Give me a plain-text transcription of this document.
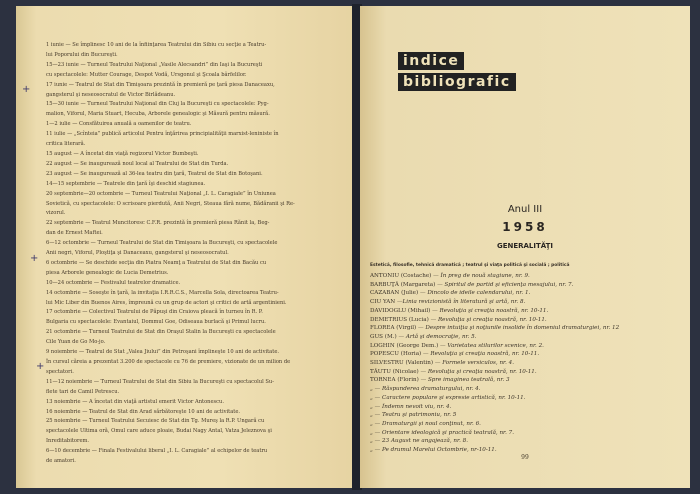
1 iunie — Se împlinesc 10 ani de la înfiinţarea Teatrului din Sibiu cu secţie a Teatru-

lui Poporului din Bucureşti.

15—23 iunie — Turneul Teatrului Naţional „Vasile Alecsandri” din Iaşi la Bucureşti

cu spectacolele: Mutter Courage, Despot Vodă, Ursgonul şi Şcoala bârfelilor.

17 iunie — Teatrul de Stat din Timişoara prezintă în premieră pe ţară piesa Danaceaxu,

gangsterul şi neseosocratul de Victor Birlădeanu.

15—30 iunie — Turneul Teatrului Naţional din Cluj la Bucureşti cu spectacolele: Pyg-

malion, Viforul, Maria Stuart, Hecuba, Arborele genealogic şi Măsură pentru măsură.

1—2 iulie — Consfătuirea anuală a oamenilor de teatru.

11 iulie — „Scînteia” publică articolul Pentru înţărirea principialităţii marxist-leniniste în

critica literară.

15 august — A încetat din viaţă regizorul Victor Bumbeşti.

22 august — Se inaugurează noul local al Teatrului de Stat din Turda.

23 august — Se inaugurează al 36-lea teatru din ţară, Teatrul de Stat din Botoşani.

14—15 septembrie — Teatrele din ţară îşi deschid stagiunea.

20 septembrie—20 octombrie — Turneul Teatrului Naţional „I. L. Caragiale” în Uniunea

Sovietică, cu spectacolele: O scrisoare pierdută, Anii Negri, Steaua fără nume, Bădăranii şi Re-

vizorul.

22 septembrie — Teatrul Muncitoresc C.F.R. prezintă în premieră piesa Rănit la, Beg-

dan de Ernest Maftei.

6—12 octombrie — Turneul Teatrului de Stat din Timişoara la Bucureşti, cu spectacolele

Anii negri, Viforul, Ploştiţa şi Danaceaxu, gangsterul şi neseosocratul.

6 octombrie — Se deschide secţia din Piatra Neamţ a Teatrului de Stat din Bacău cu

piesa Arborele genealogic de Lucia Demetrius.

10—24 octombrie — Festivalul teatrelor dramatice.

14 octombrie — Soseşte în ţară, la invitaţia I.R.R.C.S., Marcella Sola, directoarea Teatru-

lui Mic Liber din Buenos Aires, împreună cu un grup de actori şi critici de artă argentinieni.

17 octombrie — Colectivul Teatrului de Păpuşi din Craiova pleacă în turneu în R. P.

Bulgaria cu spectacolele: Evantaiul, Dommul Goe, Odiseaua burlacă şi Primul lucru.

21 octombrie — Turneul Teatrului de Stat din Oraşul Stalin la Bucureşti cu spectacolele

Cile Yuan de Go Mo-jo.

9 noiembrie — Teatrul de Stat „Valea Jiului” din Petroşani împlineşte 10 ani de activitate.

În cursul căreia a prezentat 3.200 de spectacole cu 76 de premiere, vizionate de un milion de

spectatori.

11—12 noiembrie — Turneul Teatrului de Stat din Sibiu la Bucureşti cu spectacolul Su-

flete tari de Camil Petrescu.

13 noiembrie — A încetat din viaţă artistul emerit Victor Antonescu.

16 noiembrie — Teatrul de Stat din Arad sărbătoreşte 10 ani de activitate.

25 noiembrie — Turneul Teatrului Secuiesc de Stat din Tg. Mureş la R.P. Ungară cu

spectacolele Ultima oră, Omul care aduce ploaie, Budai Nagy Antal, Vatza Jeleznova şi

Inreditabitorem.

6—10 decembrie — Finala Festivalului liberal „I. L. Caragiale” al echipelor de teatru

de amatori.

+
+
+
indice
bibliografic
Anul III
1958
GENERALITĂŢI
Estetică, filosofie, tehnică dramatică ; teatrul şi viaţa politică şi socială ; politică
ANTONIU (Costache) — În preg de nouă stagiune, nr. 9.
BARBUŢĂ (Margareta) — Spiritul de partid şi eficienţa mesajului, nr. 7.
CAZABAN (Julie) — Dincolo de ideile calendarului, nr. 1.
CIU YAN —Linia revizionistă în literatură şi artă, nr. 8.
DAVIDOGLU (Mihail) — Revoluţia şi creaţia noastră, nr. 10-11.
DEMETRIUS (Lucia) — Revoluţia şi creaţia noastră, nr. 10-11.
FLOREA (Virgil) — Despre intuiţia şi noţiunile insolide în domeniul dramaturgiei, nr. 12
GUS (M.) — Artă şi democraţie, nr. 5.
LOGHIN (George Dem.) — Varietatea stilurilor scenice, nr. 2.
POPESCU (Horia) — Revoluţia şi creaţia noastră, nr. 10-11.
SILVESTRU (Valentin) — Formele versiculos, nr. 4.
TĂUTU (Nicolae) — Revoluţia şi creaţia noastră, nr. 10-11.
TORNEA (Florin) — Spre imaginea teatrală, nr. 3
„ — Răspunderea dramaturgului, nr. 4.
„ — Caractere populare şi expresie artistică, nr. 10-11.
„ — Îndemn nevoit viu, nr. 4.
„ — Teatru şi patrimoniu, nr. 5
„ — Dramaturgii şi noul conţinut, nr. 6.
„ — Orientare ideologică şi practică teatrală, nr. 7.
„ — 23 August ne angajează, nr. 8.
„ — Pe drumul Marelui Octombrie, nr-10-11.
99
